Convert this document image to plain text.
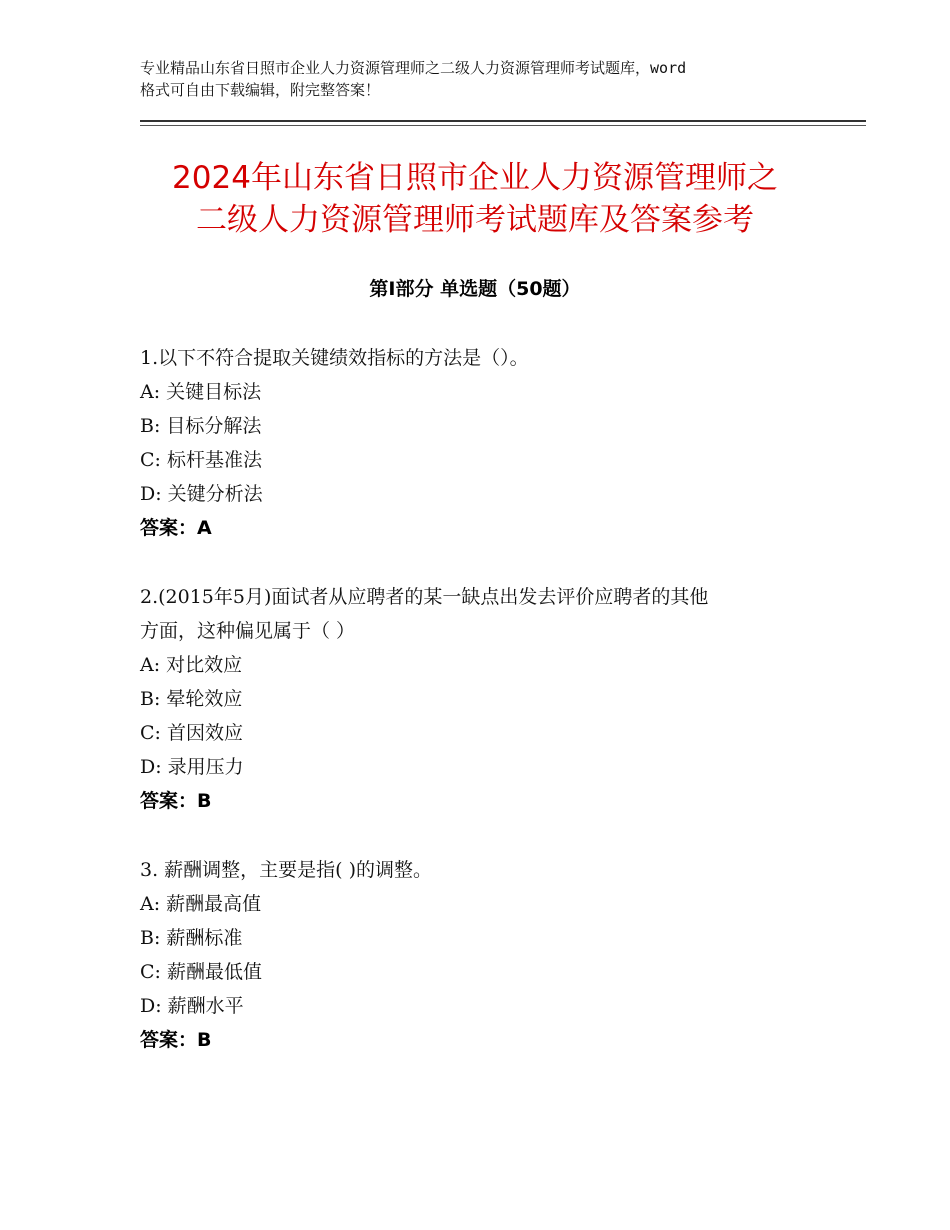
专业精品山东省日照市企业人力资源管理师之二级人力资源管理师考试题库，word
格式可自由下载编辑，附完整答案！
2024年山东省日照市企业人力资源管理师之
二级人力资源管理师考试题库及答案参考
第Ⅰ部分 单选题（50题）
1.以下不符合提取关键绩效指标的方法是（）。
A: 关键目标法
B: 目标分解法
C: 标杆基准法
D: 关键分析法
答案：A
2.(2015年5月)面试者从应聘者的某一缺点出发去评价应聘者的其他
方面，这种偏见属于（ ）
A: 对比效应
B: 晕轮效应
C: 首因效应
D: 录用压力
答案：B
3. 薪酬调整，主要是指( )的调整。
A: 薪酬最高值
B: 薪酬标准
C: 薪酬最低值
D: 薪酬水平
答案：B
